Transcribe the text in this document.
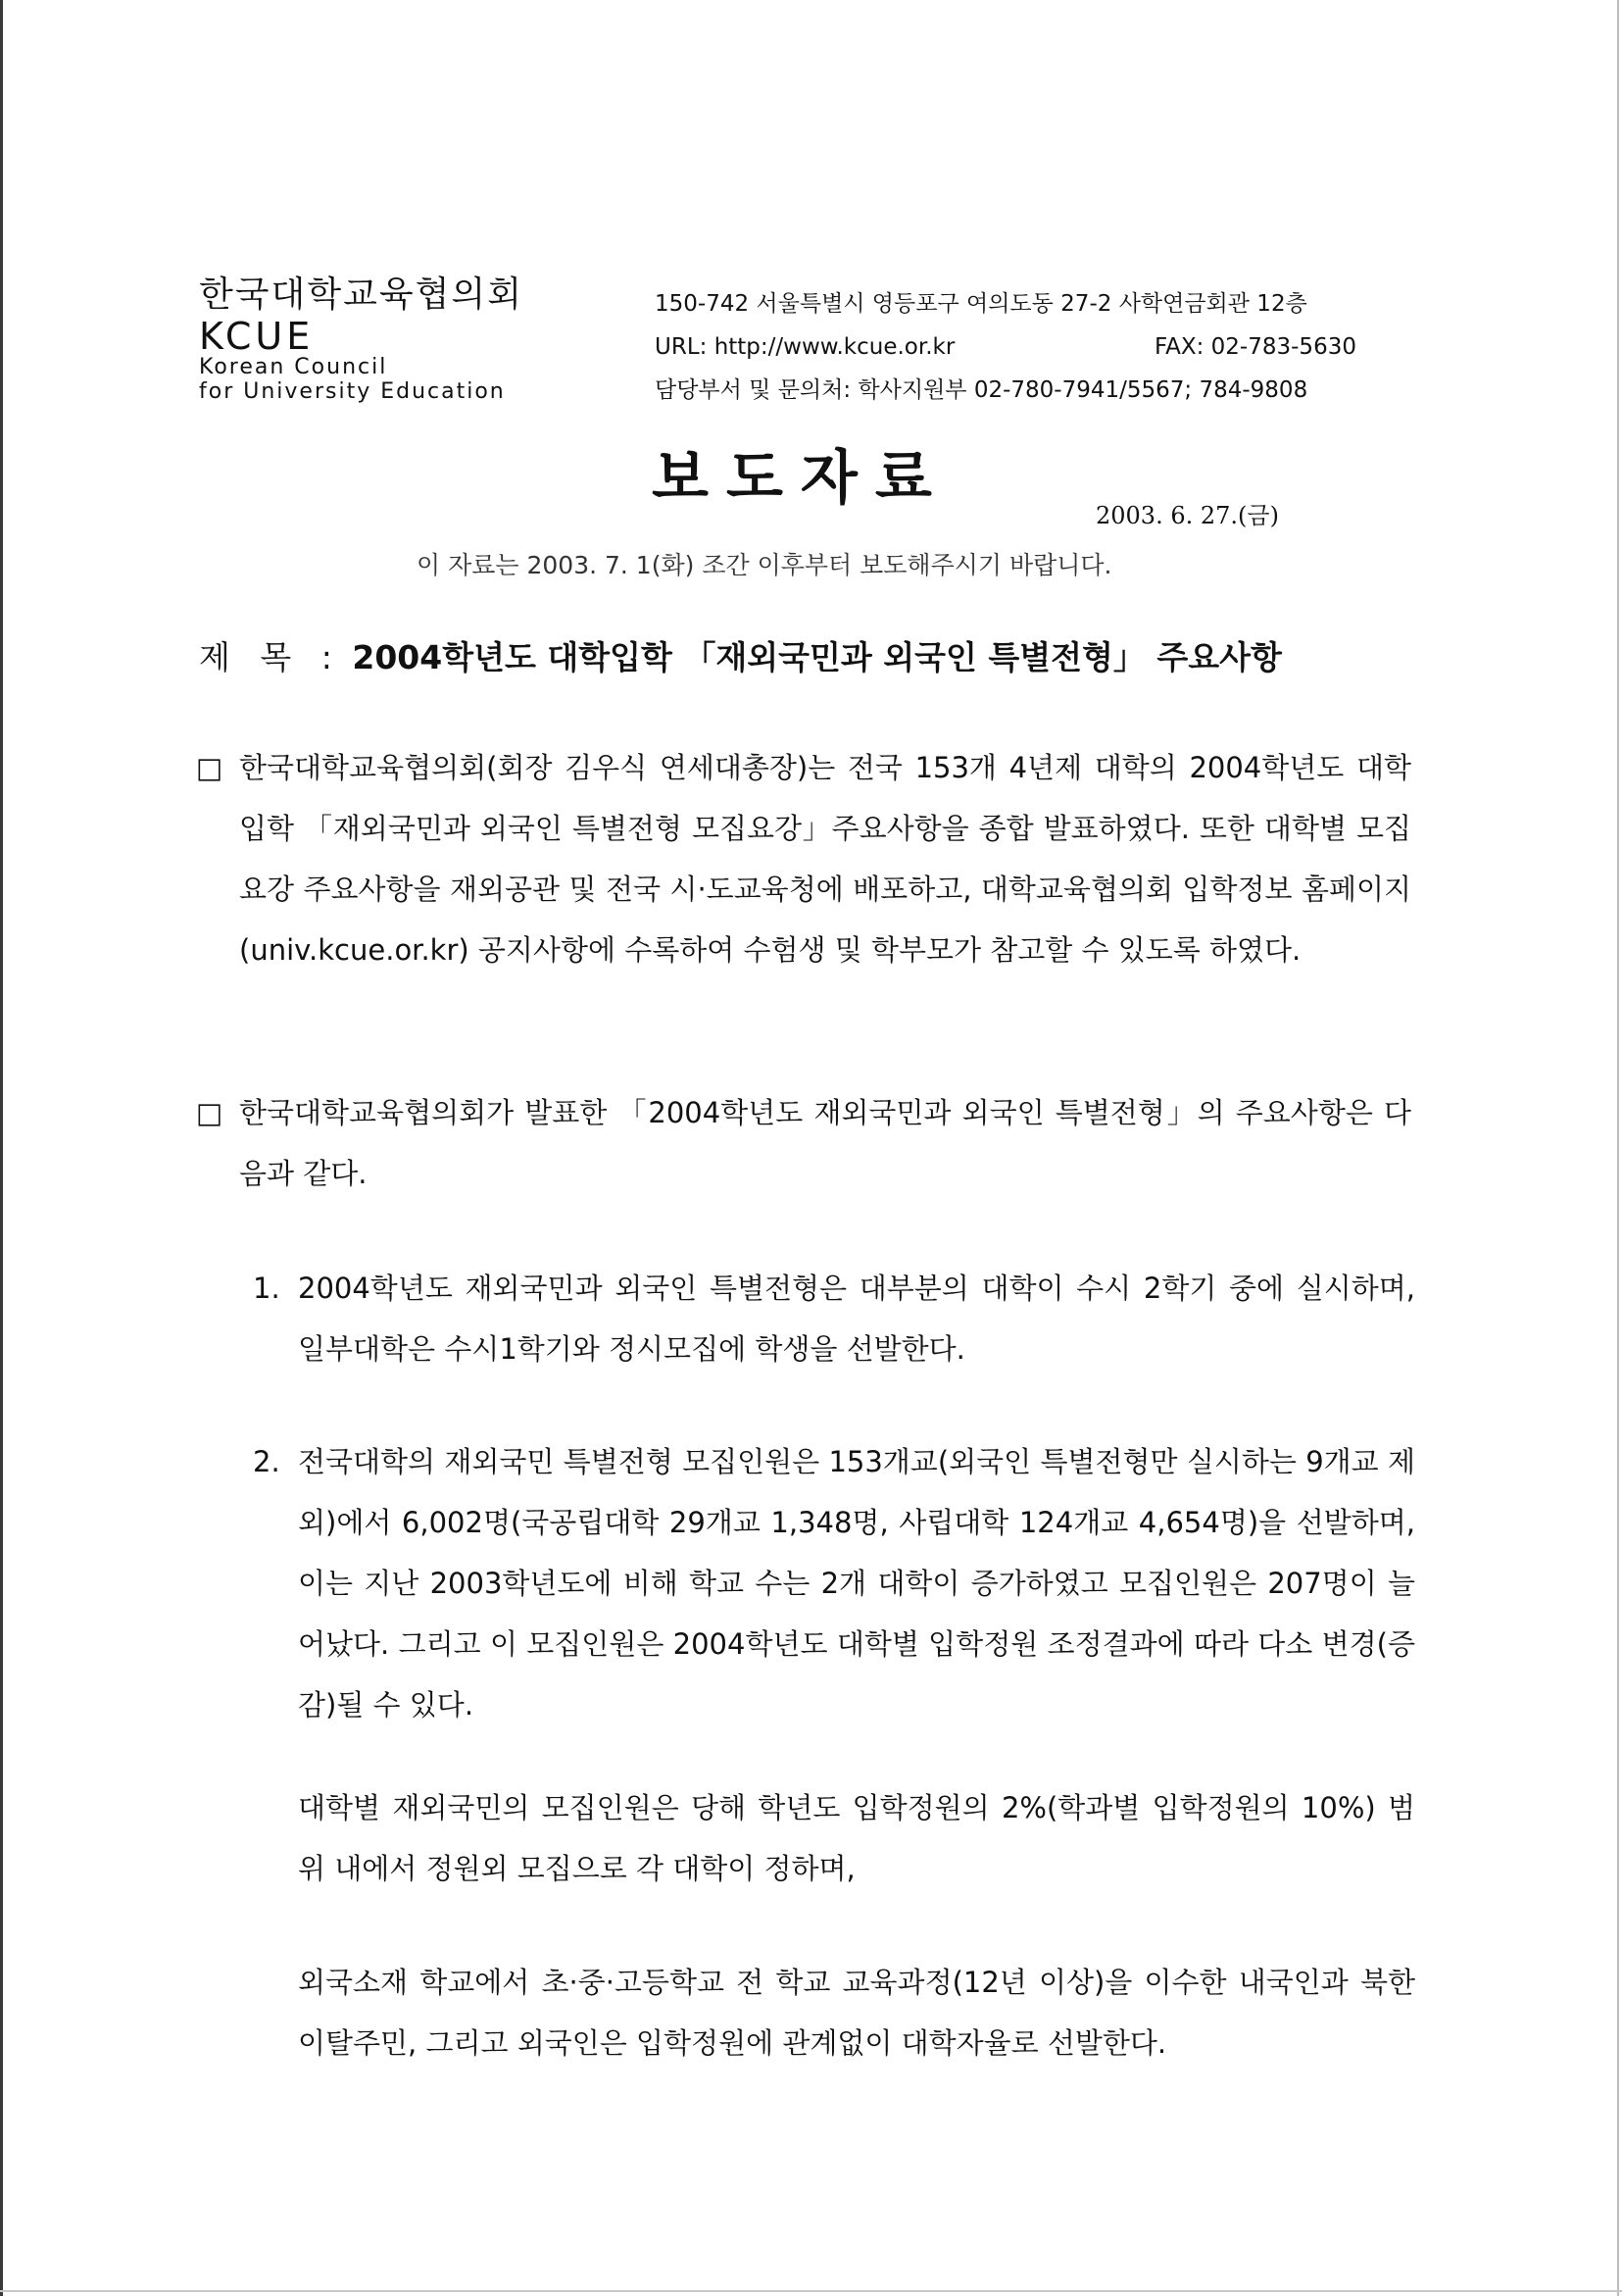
한국대학교육협의회
KCUE
Korean Council
for University Education
150-742 서울특별시 영등포구 여의도동 27-2 사학연금회관 12층
URL: http://www.kcue.or.kr	FAX: 02-783-5630
담당부서 및 문의처: 학사지원부 02-780-7941/5567; 784-9808
보도자료
2003. 6. 27.(금)
이 자료는 2003. 7. 1(화) 조간 이후부터 보도해주시기 바랍니다.
제 목 : 2004학년도 대학입학 「재외국민과 외국인 특별전형」 주요사항
□ 한국대학교육협의회(회장 김우식 연세대총장)는 전국 153개 4년제 대학의 2004학년도 대학입학 「재외국민과 외국인 특별전형 모집요강」주요사항을 종합 발표하였다. 또한 대학별 모집요강 주요사항을 재외공관 및 전국 시·도교육청에 배포하고, 대학교육협의회 입학정보 홈페이지(univ.kcue.or.kr) 공지사항에 수록하여 수험생 및 학부모가 참고할 수 있도록 하였다.
□ 한국대학교육협의회가 발표한 「2004학년도 재외국민과 외국인 특별전형」의 주요사항은 다음과 같다.
1. 2004학년도 재외국민과 외국인 특별전형은 대부분의 대학이 수시 2학기 중에 실시하며, 일부대학은 수시1학기와 정시모집에 학생을 선발한다.
2. 전국대학의 재외국민 특별전형 모집인원은 153개교(외국인 특별전형만 실시하는 9개교 제외)에서 6,002명(국공립대학 29개교 1,348명, 사립대학 124개교 4,654명)을 선발하며, 이는 지난 2003학년도에 비해 학교 수는 2개 대학이 증가하였고 모집인원은 207명이 늘어났다. 그리고 이 모집인원은 2004학년도 대학별 입학정원 조정결과에 따라 다소 변경(증감)될 수 있다.
대학별 재외국민의 모집인원은 당해 학년도 입학정원의 2%(학과별 입학정원의 10%) 범위 내에서 정원외 모집으로 각 대학이 정하며,
외국소재 학교에서 초·중·고등학교 전 학교 교육과정(12년 이상)을 이수한 내국인과 북한이탈주민, 그리고 외국인은 입학정원에 관계없이 대학자율로 선발한다.
